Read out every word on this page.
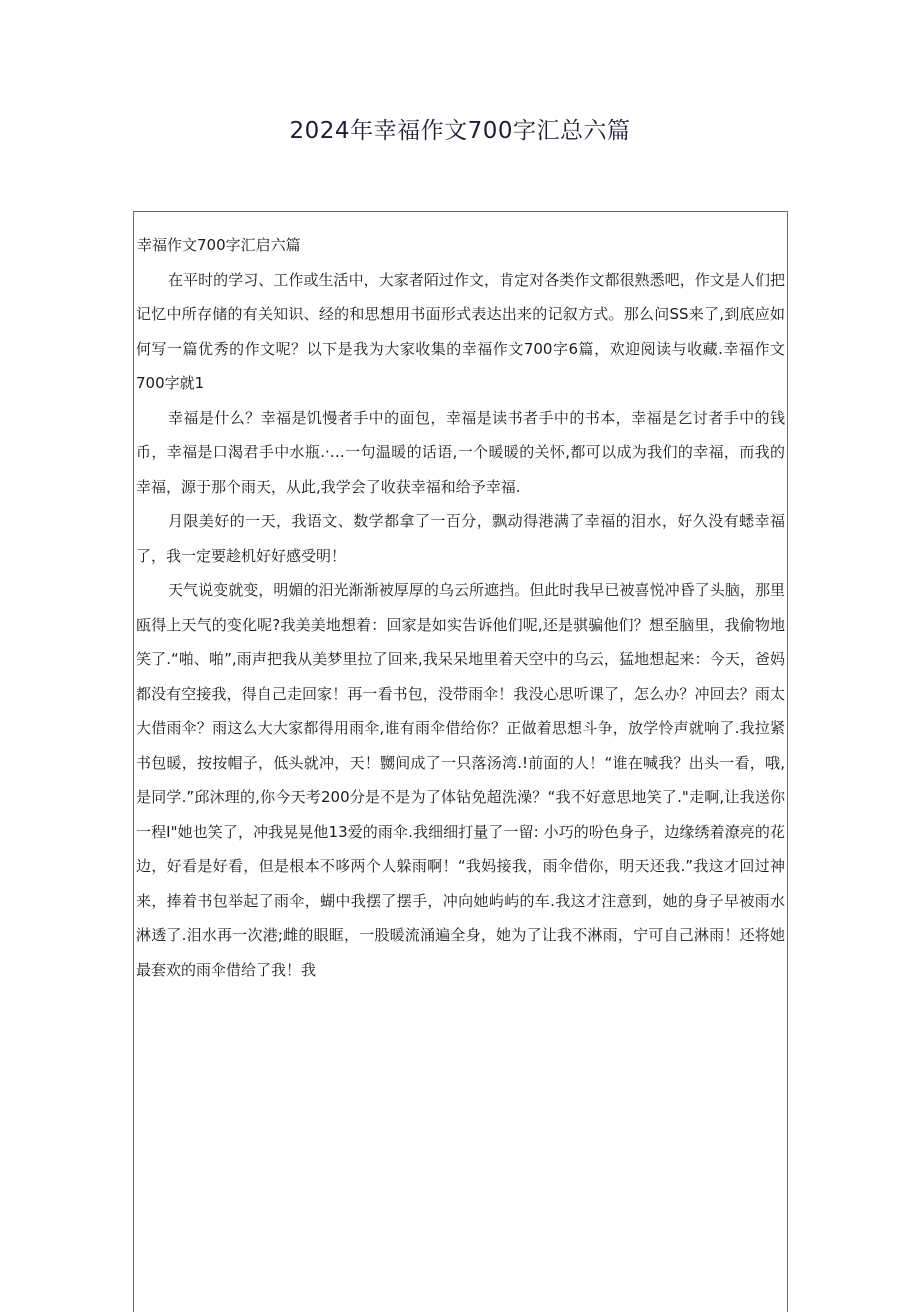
2024年幸福作文700字汇总六篇

幸福作文700字汇启六篇

在平时的学习、工作或生活中，大家者陌过作文，肯定对各类作文都很熟悉吧，作文是人们把记忆中所存储的有关知识、经的和思想用书面形式表达出来的记叙方式。那么问SS来了,到底应如何写一篇优秀的作文呢？以下是我为大家收集的幸福作文700字6篇，欢迎阅读与收藏.幸福作文700字就1

幸福是什么？幸福是饥慢者手中的面包，幸福是读书者手中的书本，幸福是乞讨者手中的钱币，幸福是口渴君手中水瓶.·…一句温暖的话语,一个暖暖的关怀,都可以成为我们的幸福，而我的幸福，源于那个雨天，从此,我学会了收获幸福和给予幸福.

月限美好的一天，我语文、数学都拿了一百分，飘动得港满了幸福的泪水，好久没有蟋幸福了，我一定要趁机好好感受明！

天气说变就变，明媚的汨光渐渐被厚厚的乌云所遮挡。但此时我早已被喜悦冲昏了头脑，那里瓯得上天气的变化呢?我美美地想着：回家是如实告诉他们呢,还是骐骗他们？想至脑里，我偷物地笑了.“啪、啪”,雨声把我从美梦里拉了回来,我呆呆地里着天空中的乌云，猛地想起来：今天，爸妈都没有空接我，得自己走回家！再一看书包，没带雨伞！我没心思听课了，怎么办？冲回去？雨太大借雨伞？雨这么大大家都得用雨伞,谁有雨伞借给你？正做着思想斗争，放学怜声就响了.我拉紧书包暖，按按帽子，低头就冲，天！嬲间成了一只落汤湾.!前面的人！“谁在喊我？出头一看，哦,是同学.”邱沐理的,你今天考200分是不是为了体钻免超洗澡？“我不好意思地笑了."走啊,让我送你一程I"她也笑了，冲我晃晃他13爱的雨伞.我细细打量了一留: 小巧的吩色身子，边缘绣着潦亮的花边，好看是好看，但是根本不哆两个人躲雨啊！“我妈接我，雨伞借你，明天还我.”我这才回过神来，捧着书包举起了雨伞，蝴中我摆了摆手，冲向她屿屿的车.我这才注意到，她的身子早被雨水淋透了.泪水再一次港;雌的眼眶，一股暖流涌遍全身，她为了让我不淋雨，宁可自己淋雨！还将她最套欢的雨伞借给了我！我
